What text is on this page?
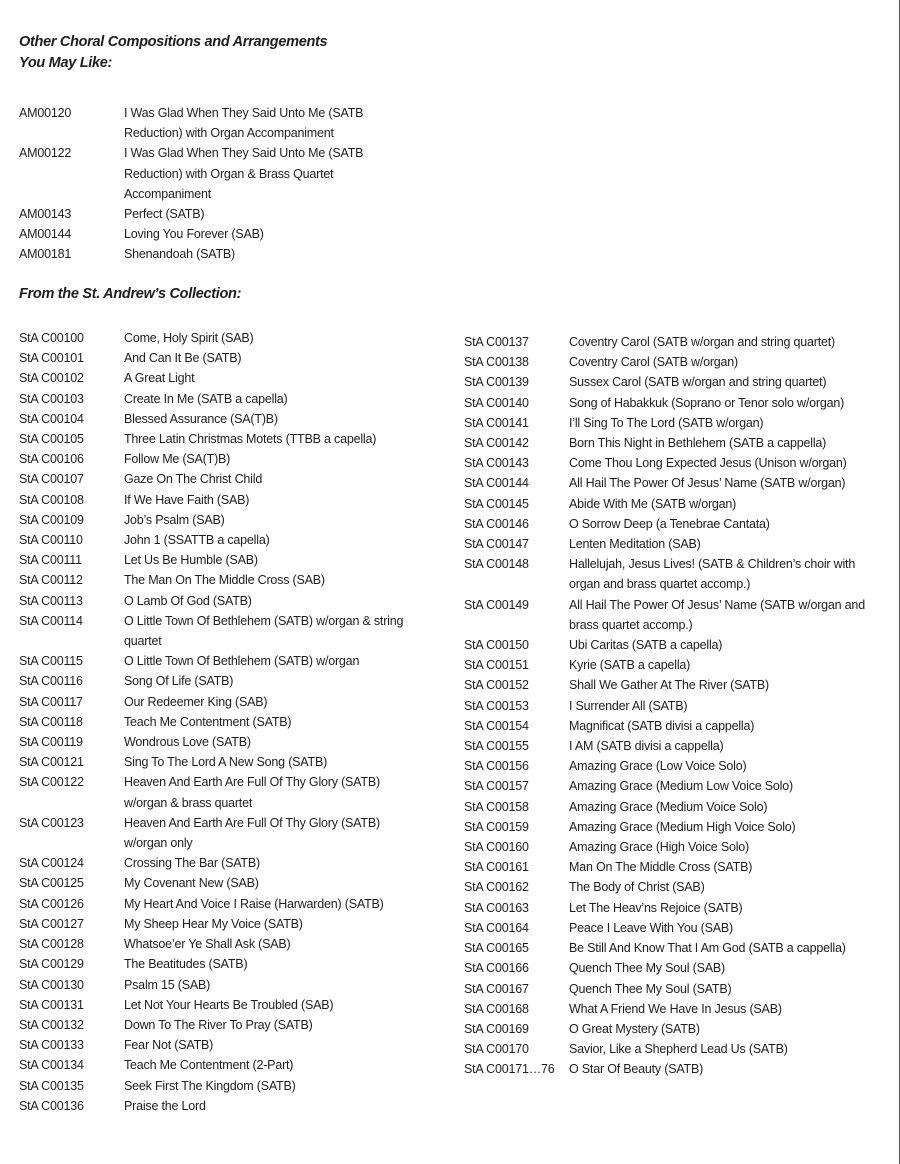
Other Choral Compositions and Arrangements
You May Like:
AM00120	I Was Glad When They Said Unto Me (SATB Reduction) with Organ Accompaniment
AM00122	I Was Glad When They Said Unto Me (SATB Reduction) with Organ & Brass Quartet Accompaniment
AM00143	Perfect (SATB)
AM00144	Loving You Forever (SAB)
AM00181	Shenandoah (SATB)
From the St. Andrew’s Collection:
StA C00100	Come, Holy Spirit (SAB)
StA C00101	And Can It Be (SATB)
StA C00102	A Great Light
StA C00103	Create In Me (SATB a capella)
StA C00104	Blessed Assurance (SA(T)B)
StA C00105	Three Latin Christmas Motets (TTBB a capella)
StA C00106	Follow Me (SA(T)B)
StA C00107	Gaze On The Christ Child
StA C00108	If We Have Faith (SAB)
StA C00109	Job’s Psalm (SAB)
StA C00110	John 1 (SSATTB a capella)
StA C00111	Let Us Be Humble (SAB)
StA C00112	The Man On The Middle Cross (SAB)
StA C00113	O Lamb Of God (SATB)
StA C00114	O Little Town Of Bethlehem (SATB) w/organ & string quartet
StA C00115	O Little Town Of Bethlehem (SATB) w/organ
StA C00116	Song Of Life (SATB)
StA C00117	Our Redeemer King (SAB)
StA C00118	Teach Me Contentment (SATB)
StA C00119	Wondrous Love (SATB)
StA C00121	Sing To The Lord A New Song (SATB)
StA C00122	Heaven And Earth Are Full Of Thy Glory (SATB) w/organ & brass quartet
StA C00123	Heaven And Earth Are Full Of Thy Glory (SATB) w/organ only
StA C00124	Crossing The Bar (SATB)
StA C00125	My Covenant New (SAB)
StA C00126	My Heart And Voice I Raise (Harwarden) (SATB)
StA C00127	My Sheep Hear My Voice (SATB)
StA C00128	Whatsoe’er Ye Shall Ask (SAB)
StA C00129	The Beatitudes (SATB)
StA C00130	Psalm 15 (SAB)
StA C00131	Let Not Your Hearts Be Troubled (SAB)
StA C00132	Down To The River To Pray (SATB)
StA C00133	Fear Not (SATB)
StA C00134	Teach Me Contentment (2-Part)
StA C00135	Seek First The Kingdom (SATB)
StA C00136	Praise the Lord
StA C00137	Coventry Carol (SATB w/organ and string quartet)
StA C00138	Coventry Carol (SATB w/organ)
StA C00139	Sussex Carol (SATB w/organ and string quartet)
StA C00140	Song of Habakkuk (Soprano or Tenor solo w/organ)
StA C00141	I’ll Sing To The Lord (SATB w/organ)
StA C00142	Born This Night in Bethlehem (SATB a cappella)
StA C00143	Come Thou Long Expected Jesus (Unison w/organ)
StA C00144	All Hail The Power Of Jesus’ Name (SATB w/organ)
StA C00145	Abide With Me (SATB w/organ)
StA C00146	O Sorrow Deep (a Tenebrae Cantata)
StA C00147	Lenten Meditation (SAB)
StA C00148	Hallelujah, Jesus Lives! (SATB & Children’s choir with organ and brass quartet accomp.)
StA C00149	All Hail The Power Of Jesus’ Name (SATB w/organ and brass quartet accomp.)
StA C00150	Ubi Caritas (SATB a capella)
StA C00151	Kyrie (SATB a capella)
StA C00152	Shall We Gather At The River (SATB)
StA C00153	I Surrender All (SATB)
StA C00154	Magnificat (SATB divisi a cappella)
StA C00155	I AM (SATB divisi a cappella)
StA C00156	Amazing Grace (Low Voice Solo)
StA C00157	Amazing Grace (Medium Low Voice Solo)
StA C00158	Amazing Grace (Medium Voice Solo)
StA C00159	Amazing Grace (Medium High Voice Solo)
StA C00160	Amazing Grace (High Voice Solo)
StA C00161	Man On The Middle Cross (SATB)
StA C00162	The Body of Christ (SAB)
StA C00163	Let The Heav’ns Rejoice (SATB)
StA C00164	Peace I Leave With You (SAB)
StA C00165	Be Still And Know That I Am God (SATB a cappella)
StA C00166	Quench Thee My Soul (SAB)
StA C00167	Quench Thee My Soul (SATB)
StA C00168	What A Friend We Have In Jesus (SAB)
StA C00169	O Great Mystery (SATB)
StA C00170	Savior, Like a Shepherd Lead Us (SATB)
StA C00171…76	O Star Of Beauty (SATB)
